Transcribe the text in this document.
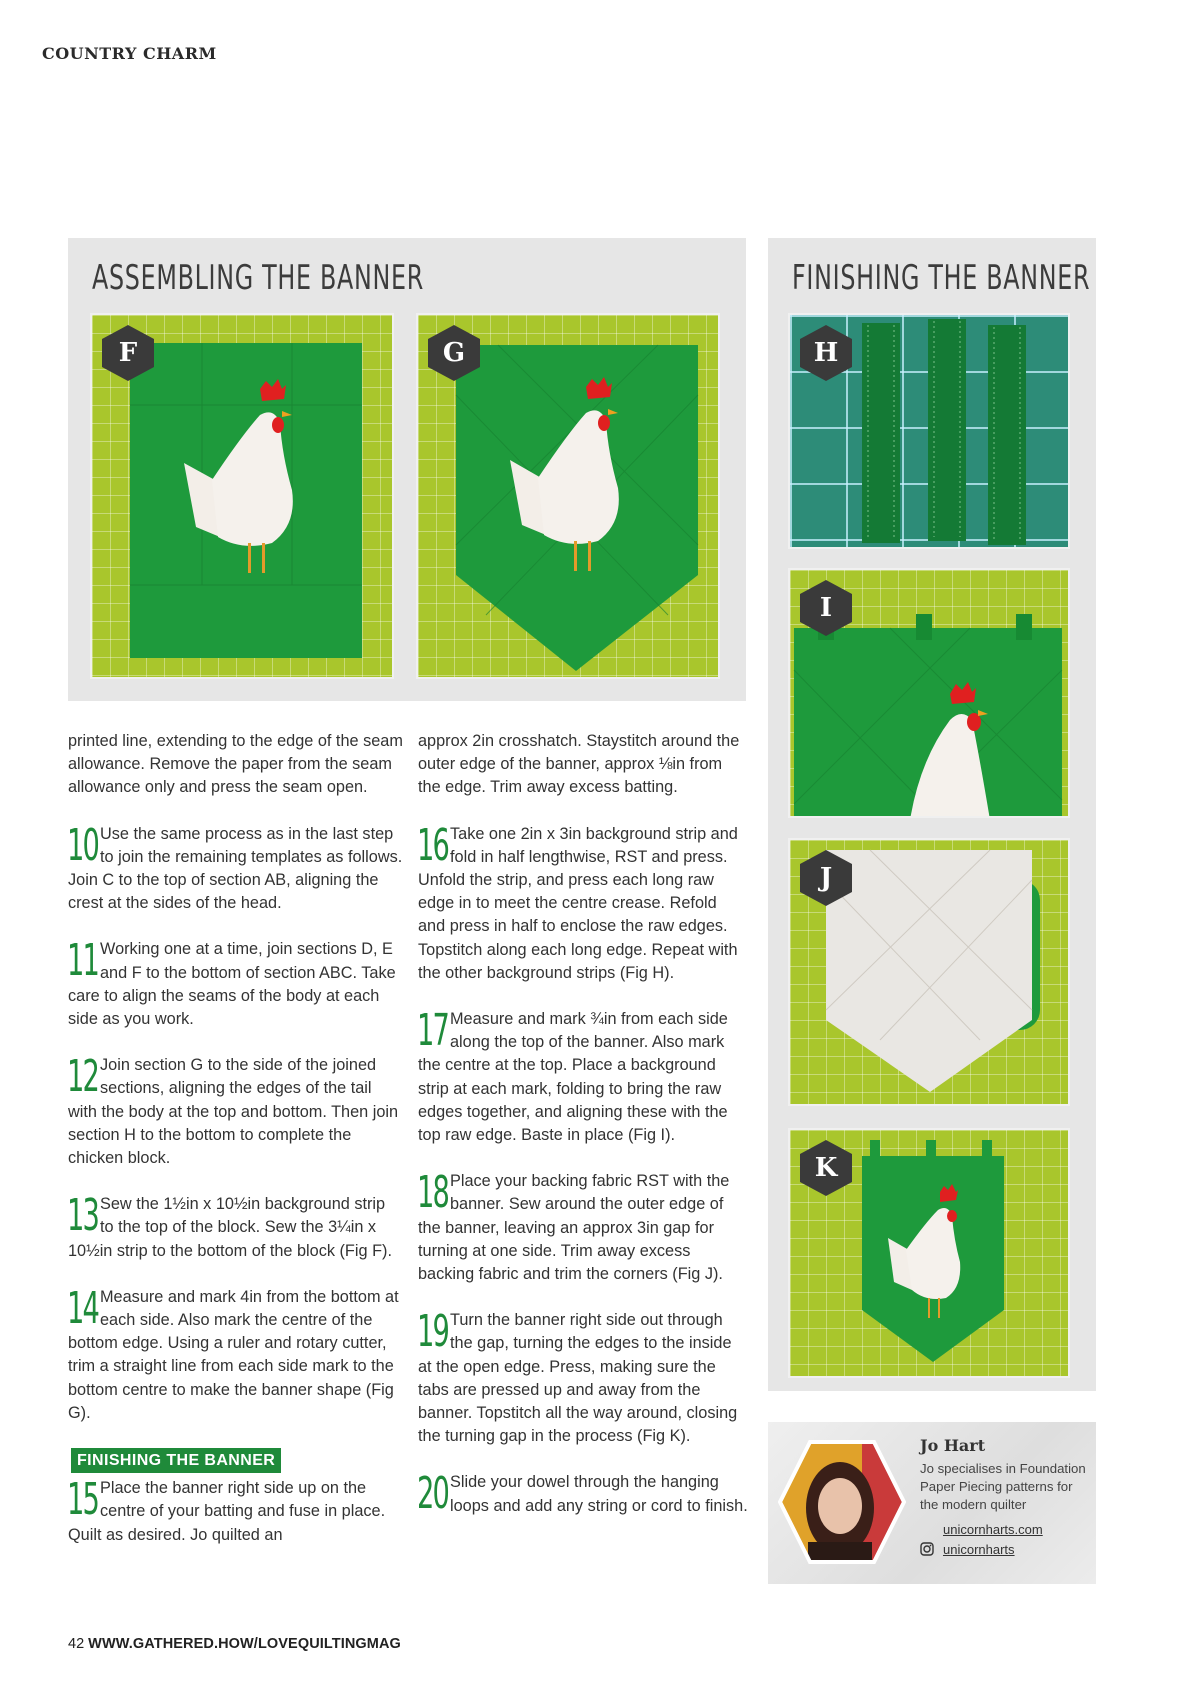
COUNTRY CHARM
ASSEMBLING THE BANNER
F	G
FINISHING THE BANNER
H
I
J
K

printed line, extending to the edge of the seam allowance. Remove the paper from the seam allowance only and press the seam open.

10 Use the same process as in the last step to join the remaining templates as follows. Join C to the top of section AB, aligning the crest at the sides of the head.
11 Working one at a time, join sections D, E and F to the bottom of section ABC. Take care to align the seams of the body at each side as you work.
12 Join section G to the side of the joined sections, aligning the edges of the tail with the body at the top and bottom. Then join section H to the bottom to complete the chicken block.
13 Sew the 1½in x 10½in background strip to the top of the block. Sew the 3¼in x 10½in strip to the bottom of the block (Fig F).
14 Measure and mark 4in from the bottom at each side. Also mark the centre of the bottom edge. Using a ruler and rotary cutter, trim a straight line from each side mark to the bottom centre to make the banner shape (Fig G).
FINISHING THE BANNER
15 Place the banner right side up on the centre of your batting and fuse in place. Quilt as desired. Jo quilted an

approx 2in crosshatch. Staystitch around the outer edge of the banner, approx ⅛in from the edge. Trim away excess batting.

16 Take one 2in x 3in background strip and fold in half lengthwise, RST and press. Unfold the strip, and press each long raw edge in to meet the centre crease. Refold and press in half to enclose the raw edges. Topstitch along each long edge. Repeat with the other background strips (Fig H).
17 Measure and mark ¾in from each side along the top of the banner. Also mark the centre at the top. Place a background strip at each mark, folding to bring the raw edges together, and aligning these with the top raw edge. Baste in place (Fig I).
18 Place your backing fabric RST with the banner. Sew around the outer edge of the banner, leaving an approx 3in gap for turning at one side. Trim away excess backing fabric and trim the corners (Fig J).
19 Turn the banner right side out through the gap, turning the edges to the inside at the open edge. Press, making sure the tabs are pressed up and away from the banner. Topstitch all the way around, closing the turning gap in the process (Fig K).
20 Slide your dowel through the hanging loops and add any string or cord to finish.
Jo Hart
Jo specialises in Foundation Paper Piecing patterns for the modern quilter
unicornharts.com
unicornharts
42 WWW.GATHERED.HOW/LOVEQUILTINGMAG
